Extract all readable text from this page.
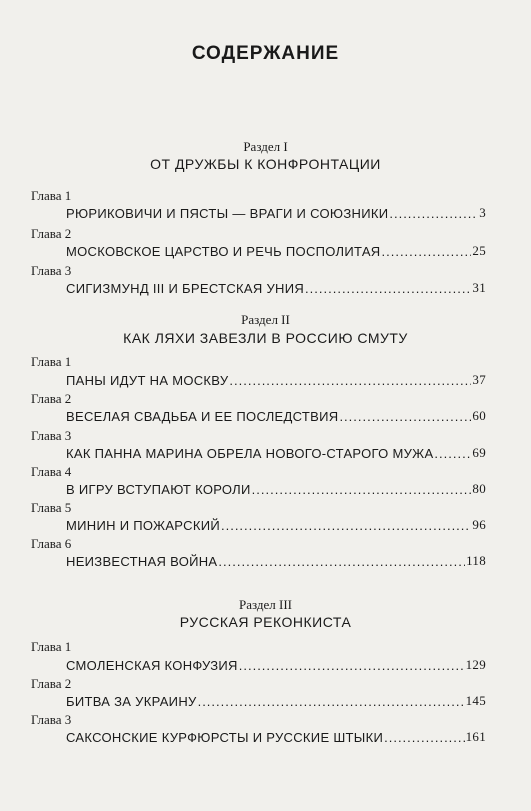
СОДЕРЖАНИЕ
Раздел I
ОТ ДРУЖБЫ К КОНФРОНТАЦИИ
Глава 1
РЮРИКОВИЧИ И ПЯСТЫ — ВРАГИ И СОЮЗНИКИ .....	3
Глава 2
МОСКОВСКОЕ ЦАРСТВО И РЕЧЬ ПОСПОЛИТАЯ .....	25
Глава 3
СИГИЗМУНД III И БРЕСТСКАЯ УНИЯ .....	31
Раздел II
КАК ЛЯХИ ЗАВЕЗЛИ В РОССИЮ СМУТУ
Глава 1
ПАНЫ ИДУТ НА МОСКВУ .....	37
Глава 2
ВЕСЕЛАЯ СВАДЬБА И ЕЕ ПОСЛЕДСТВИЯ .....	60
Глава 3
КАК ПАННА МАРИНА ОБРЕЛА НОВОГО-СТАРОГО МУЖА .....	69
Глава 4
В ИГРУ ВСТУПАЮТ КОРОЛИ .....	80
Глава 5
МИНИН И ПОЖАРСКИЙ .....	96
Глава 6
НЕИЗВЕСТНАЯ ВОЙНА .....	118
Раздел III
РУССКАЯ РЕКОНКИСТА
Глава 1
СМОЛЕНСКАЯ КОНФУЗИЯ .....	129
Глава 2
БИТВА ЗА УКРАИНУ .....	145
Глава 3
САКСОНСКИЕ КУРФЮРСТЫ И РУССКИЕ ШТЫКИ .....	161
